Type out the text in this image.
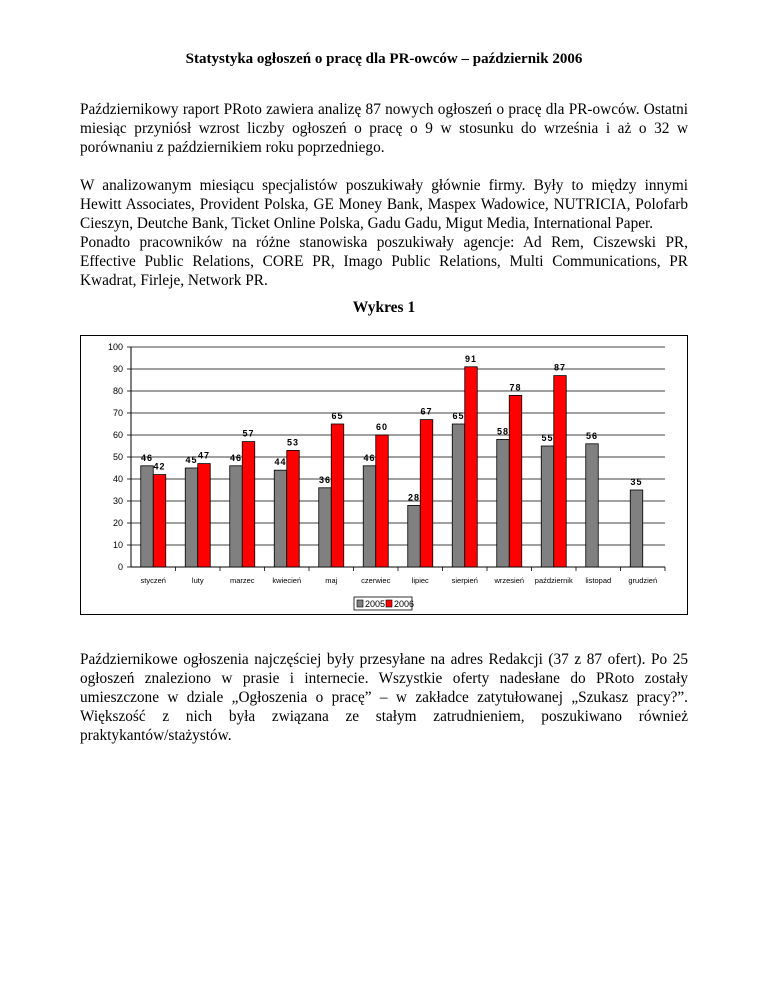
Statystyka ogłoszeń o pracę dla PR-owców – październik 2006

Październikowy raport PRoto zawiera analizę 87 nowych ogłoszeń o pracę dla PR-owców. Ostatni miesiąc przyniósł wzrost liczby ogłoszeń o pracę o 9 w stosunku do września i aż o 32 w porównaniu z październikiem roku poprzedniego.

W analizowanym miesiącu specjalistów poszukiwały głównie firmy. Były to między innymi Hewitt Associates, Provident Polska, GE Money Bank, Maspex Wadowice, NUTRICIA, Polofarb Cieszyn, Deutche Bank, Ticket Online Polska, Gadu Gadu, Migut Media, International Paper.

Ponadto pracowników na różne stanowiska poszukiwały agencje: Ad Rem, Ciszewski PR, Effective Public Relations, CORE PR, Imago Public Relations, Multi Communications, PR Kwadrat, Firleje, Network PR.

Wykres 1
0
10
20
30
40
50
60
70
80
90
100
styczeń
46
42
luty
45 47
marzec
46
57
kwiecień
44
53
maj
36
65
czerwiec
46
60
lipiec
28
67
sierpień
65
91
wrzesień
58
78
październik
55
87
listopad
56
grudzień
35
2005 2006

Październikowe ogłoszenia najczęściej były przesyłane na adres Redakcji (37 z 87 ofert). Po 25 ogłoszeń znaleziono w prasie i internecie. Wszystkie oferty nadesłane do PRoto zostały umieszczone w dziale „Ogłoszenia o pracę” – w zakładce zatytułowanej „Szukasz pracy?”. Większość z nich była związana ze stałym zatrudnieniem, poszukiwano również praktykantów/stażystów.
